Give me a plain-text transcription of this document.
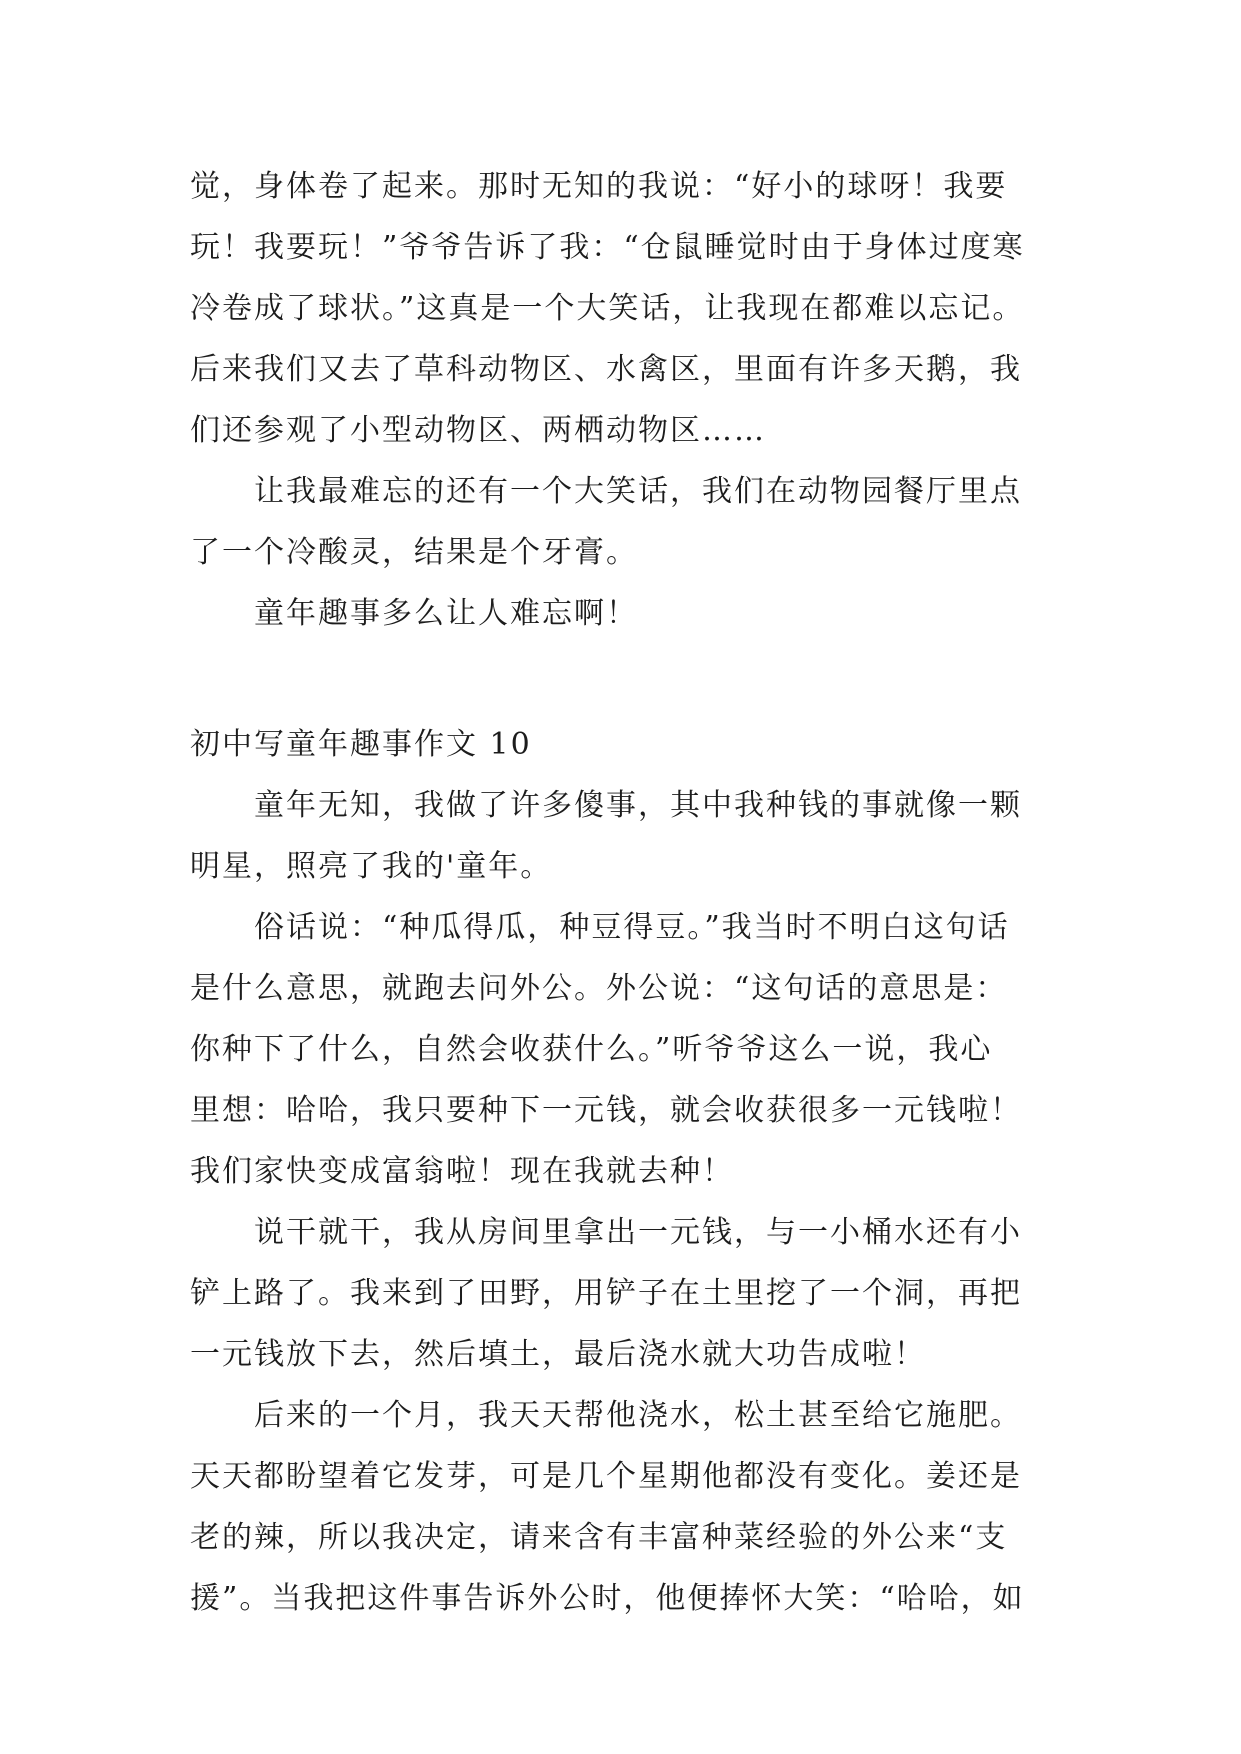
觉，身体卷了起来。那时无知的我说：“好小的球呀！我要
玩！我要玩！”爷爷告诉了我：“仓鼠睡觉时由于身体过度寒
冷卷成了球状。”这真是一个大笑话，让我现在都难以忘记。
后来我们又去了草科动物区、水禽区，里面有许多天鹅，我
们还参观了小型动物区、两栖动物区……
让我最难忘的还有一个大笑话，我们在动物园餐厅里点
了一个冷酸灵，结果是个牙膏。
童年趣事多么让人难忘啊！
初中写童年趣事作文 10
童年无知，我做了许多傻事，其中我种钱的事就像一颗
明星，照亮了我的'童年。
俗话说：“种瓜得瓜，种豆得豆。”我当时不明白这句话
是什么意思，就跑去问外公。外公说：“这句话的意思是：
你种下了什么，自然会收获什么。”听爷爷这么一说，我心
里想：哈哈，我只要种下一元钱，就会收获很多一元钱啦！
我们家快变成富翁啦！现在我就去种！
说干就干，我从房间里拿出一元钱，与一小桶水还有小
铲上路了。我来到了田野，用铲子在土里挖了一个洞，再把
一元钱放下去，然后填土，最后浇水就大功告成啦！
后来的一个月，我天天帮他浇水，松土甚至给它施肥。
天天都盼望着它发芽，可是几个星期他都没有变化。姜还是
老的辣，所以我决定，请来含有丰富种菜经验的外公来“支
援”。当我把这件事告诉外公时，他便捧怀大笑：“哈哈，如
